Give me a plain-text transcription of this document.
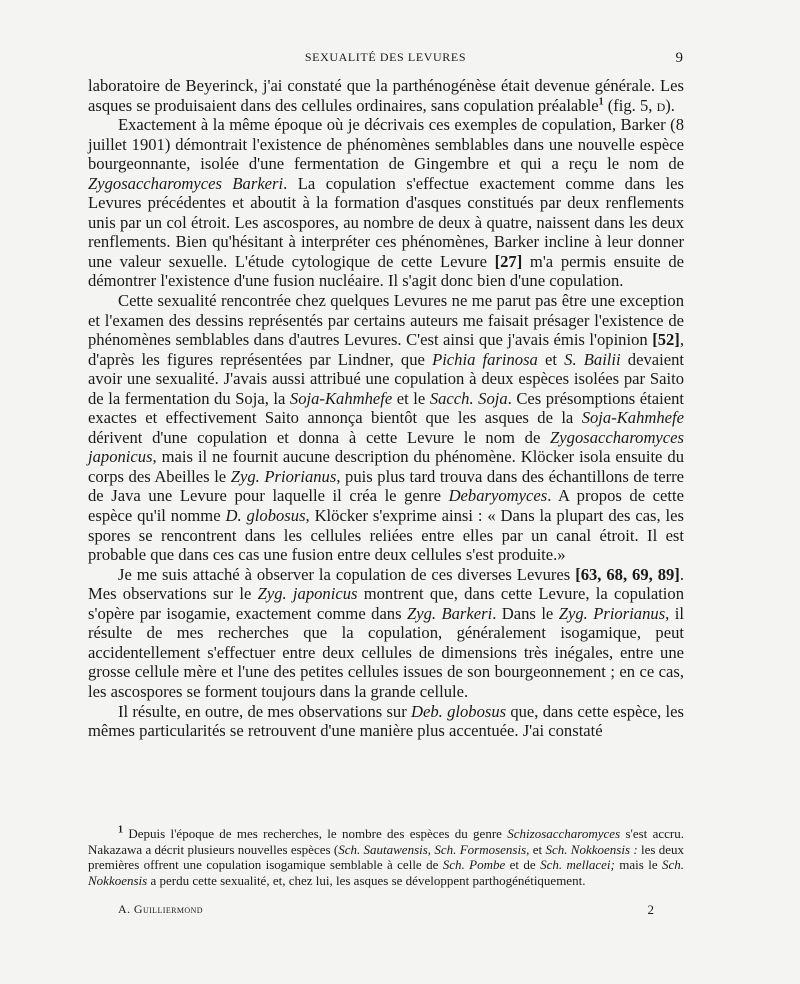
SEXUALITÉ DES LEVURES	9

laboratoire de Beyerinck, j'ai constaté que la parthénogénèse était devenue générale. Les asques se produisaient dans des cellules ordinaires, sans copulation préalable$^1$ (fig. 5, d).

Exactement à la même époque où je décrivais ces exemples de copulation, Barker (8 juillet 1901) démontrait l'existence de phénomènes semblables dans une nouvelle espèce bourgeonnante, isolée d'une fermentation de Gingembre et qui a reçu le nom de Zygosaccharomyces Barkeri. La copulation s'effectue exactement comme dans les Levures précédentes et aboutit à la formation d'asques constitués par deux renflements unis par un col étroit. Les ascospores, au nombre de deux à quatre, naissent dans les deux renflements. Bien qu'hésitant à interpréter ces phénomènes, Barker incline à leur donner une valeur sexuelle. L'étude cytologique de cette Levure [27] m'a permis ensuite de démontrer l'existence d'une fusion nucléaire. Il s'agit donc bien d'une copulation.

Cette sexualité rencontrée chez quelques Levures ne me parut pas être une exception et l'examen des dessins représentés par certains auteurs me faisait présager l'existence de phénomènes semblables dans d'autres Levures. C'est ainsi que j'avais émis l'opinion [52], d'après les figures représentées par Lindner, que Pichia farinosa et S. Bailii devaient avoir une sexualité. J'avais aussi attribué une copulation à deux espèces isolées par Saito de la fermentation du Soja, la Soja-Kahmhefe et le Sacch. Soja. Ces présomptions étaient exactes et effectivement Saito annonça bientôt que les asques de la Soja-Kahmhefe dérivent d'une copulation et donna à cette Levure le nom de Zygosaccharomyces japonicus, mais il ne fournit aucune description du phénomène. Klöcker isola ensuite du corps des Abeilles le Zyg. Priorianus, puis plus tard trouva dans des échantillons de terre de Java une Levure pour laquelle il créa le genre Debaryomyces. A propos de cette espèce qu'il nomme D. globosus, Klöcker s'exprime ainsi : « Dans la plupart des cas, les spores se rencontrent dans les cellules reliées entre elles par un canal étroit. Il est probable que dans ces cas une fusion entre deux cellules s'est produite.»

Je me suis attaché à observer la copulation de ces diverses Levures [63, 68, 69, 89]. Mes observations sur le Zyg. japonicus montrent que, dans cette Levure, la copulation s'opère par isogamie, exactement comme dans Zyg. Barkeri. Dans le Zyg. Priorianus, il résulte de mes recherches que la copulation, généralement isogamique, peut accidentellement s'effectuer entre deux cellules de dimensions très inégales, entre une grosse cellule mère et l'une des petites cellules issues de son bourgeonnement ; en ce cas, les ascospores se forment toujours dans la grande cellule.

Il résulte, en outre, de mes observations sur Deb. globosus que, dans cette espèce, les mêmes particularités se retrouvent d'une manière plus accentuée. J'ai constaté

$^1$ Depuis l'époque de mes recherches, le nombre des espèces du genre Schizosaccharomyces s'est accru. Nakazawa a décrit plusieurs nouvelles espèces (Sch. Sautawensis, Sch. Formosensis, et Sch. Nokkoensis : les deux premières offrent une copulation isogamique semblable à celle de Sch. Pombe et de Sch. mellacei; mais le Sch. Nokkoensis a perdu cette sexualité, et, chez lui, les asques se développent parthogénétiquement.
A. Guilliermond	2
